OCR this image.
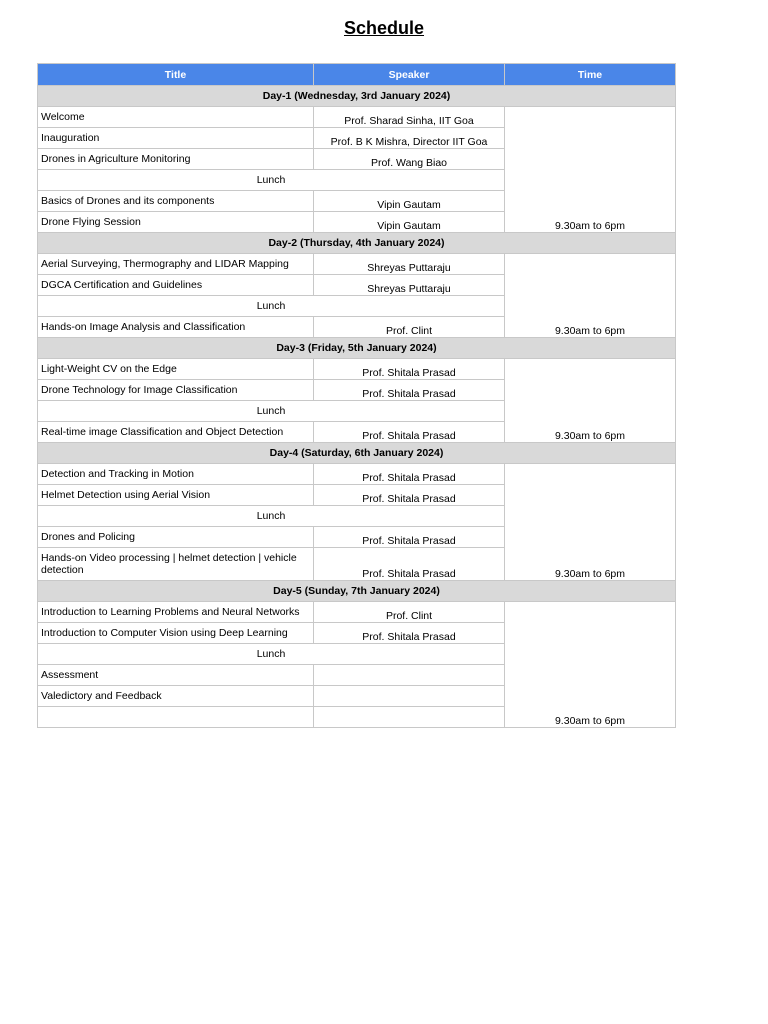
Schedule
Title	Speaker	Time
Day-1 (Wednesday, 3rd January 2024)		
Welcome	Prof. Sharad Sinha, IIT Goa	9.30am to 6pm
Inauguration	Prof. B K Mishra, Director IIT Goa	
Drones in Agriculture Monitoring	Prof. Wang Biao	
Lunch		
Basics of Drones and its components	Vipin Gautam	
Drone Flying Session	Vipin Gautam	
Day-2 (Thursday, 4th January 2024)		
Aerial Surveying, Thermography and LIDAR Mapping	Shreyas Puttaraju	9.30am to 6pm
DGCA Certification and Guidelines	Shreyas Puttaraju	
Lunch		
Hands-on Image Analysis and Classification	Prof. Clint	
Day-3 (Friday, 5th January 2024)		
Light-Weight CV on the Edge	Prof. Shitala Prasad	9.30am to 6pm
Drone Technology for Image Classification	Prof. Shitala Prasad	
Lunch		
Real-time image Classification and Object Detection	Prof. Shitala Prasad	
Day-4 (Saturday, 6th January 2024)		
Detection and Tracking in Motion	Prof. Shitala Prasad	9.30am to 6pm
Helmet Detection using Aerial Vision	Prof. Shitala Prasad	
Lunch		
Drones and Policing	Prof. Shitala Prasad	
Hands-on Video processing | helmet detection | vehicle detection	Prof. Shitala Prasad	
Day-5 (Sunday, 7th January 2024)		
Introduction to Learning Problems and Neural Networks	Prof. Clint	9.30am to 6pm
Introduction to Computer Vision using Deep Learning	Prof. Shitala Prasad	
Lunch		
Assessment		
Valedictory and Feedback		
